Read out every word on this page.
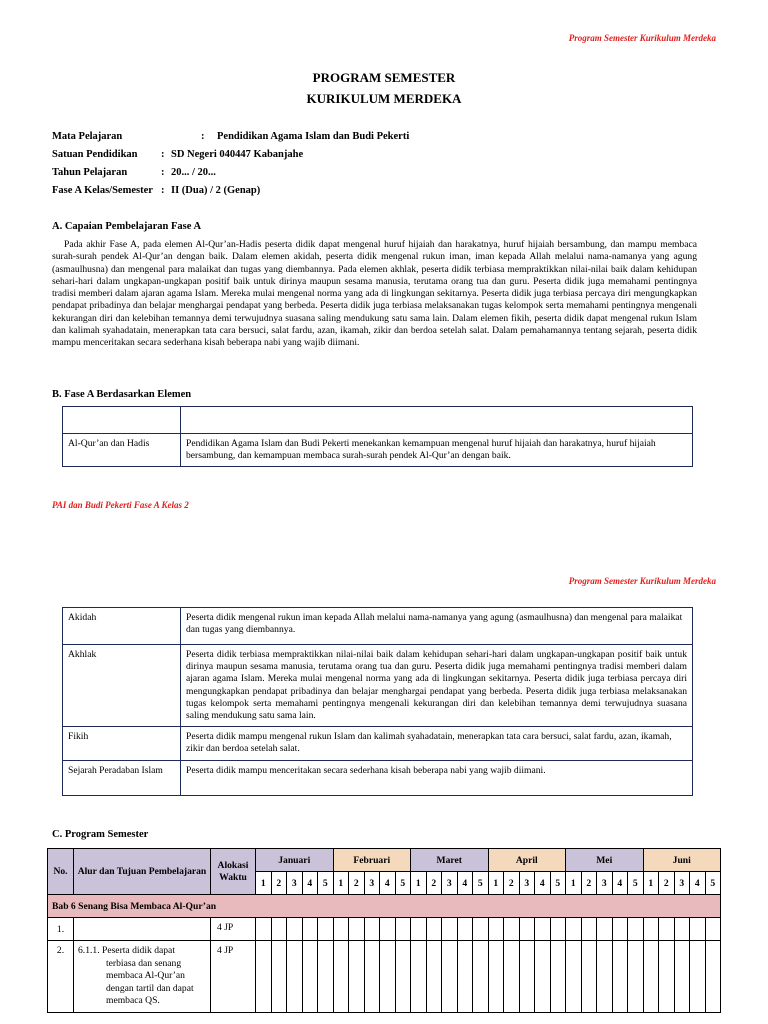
Program Semester Kurikulum Merdeka
PROGRAM SEMESTER
KURIKULUM MERDEKA
Mata Pelajaran	:	Pendidikan Agama Islam dan Budi Pekerti
Satuan Pendidikan	:	SD Negeri 040447 Kabanjahe
Tahun Pelajaran	:	20... / 20...
Fase A Kelas/Semester	:	II (Dua) / 2 (Genap)
A. Capaian Pembelajaran Fase A
Pada akhir Fase A, pada elemen Al-Qur’an-Hadis peserta didik dapat mengenal huruf hijaiah dan harakatnya, huruf hijaiah bersambung, dan mampu membaca surah-surah pendek Al-Qur’an dengan baik. Dalam elemen akidah, peserta didik mengenal rukun iman, iman kepada Allah melalui nama-namanya yang agung (asmaulhusna) dan mengenal para malaikat dan tugas yang diembannya. Pada elemen akhlak, peserta didik terbiasa mempraktikkan nilai-nilai baik dalam kehidupan sehari-hari dalam ungkapan-ungkapan positif baik untuk dirinya maupun sesama manusia, terutama orang tua dan guru. Peserta didik juga memahami pentingnya tradisi memberi dalam ajaran agama Islam. Mereka mulai mengenal norma yang ada di lingkungan sekitarnya. Peserta didik juga terbiasa percaya diri mengungkapkan pendapat pribadinya dan belajar menghargai pendapat yang berbeda. Peserta didik juga terbiasa melaksanakan tugas kelompok serta memahami pentingnya mengenali kekurangan diri dan kelebihan temannya demi terwujudnya suasana saling mendukung satu sama lain. Dalam elemen fikih, peserta didik dapat mengenal rukun Islam dan kalimah syahadatain, menerapkan tata cara bersuci, salat fardu, azan, ikamah, zikir dan berdoa setelah salat. Dalam pemahamannya tentang sejarah, peserta didik mampu menceritakan secara sederhana kisah beberapa nabi yang wajib diimani.
B. Fase A Berdasarkan Elemen

Al-Qur’an dan Hadis	Pendidikan Agama Islam dan Budi Pekerti menekankan kemampuan mengenal huruf hijaiah dan harakatnya, huruf hijaiah bersambung, dan kemampuan membaca surah-surah pendek Al-Qur’an dengan baik.
PAI dan Budi Pekerti Fase A Kelas 2
Program Semester Kurikulum Merdeka
Akidah	Peserta didik mengenal rukun iman kepada Allah melalui nama-namanya yang agung (asmaulhusna) dan mengenal para malaikat dan tugas yang diembannya.
Akhlak	Peserta didik terbiasa mempraktikkan nilai-nilai baik dalam kehidupan sehari-hari dalam ungkapan-ungkapan positif baik untuk dirinya maupun sesama manusia, terutama orang tua dan guru. Peserta didik juga memahami pentingnya tradisi memberi dalam ajaran agama Islam. Mereka mulai mengenal norma yang ada di lingkungan sekitarnya. Peserta didik juga terbiasa percaya diri mengungkapkan pendapat pribadinya dan belajar menghargai pendapat yang berbeda. Peserta didik juga terbiasa melaksanakan tugas kelompok serta memahami pentingnya mengenali kekurangan diri dan kelebihan temannya demi terwujudnya suasana saling mendukung satu sama lain.
Fikih	Peserta didik mampu mengenal rukun Islam dan kalimah syahadatain, menerapkan tata cara bersuci, salat fardu, azan, ikamah, zikir dan berdoa setelah salat.
Sejarah Peradaban Islam	Peserta didik mampu menceritakan secara sederhana kisah beberapa nabi yang wajib diimani.
C. Program Semester
No.	Alur dan Tujuan Pembelajaran	Alokasi Waktu	Januari					Februari					Maret					April					Mei					Juni				
			1	2	3	4	5	1	2	3	4	5	1	2	3	4	5	1	2	3	4	5	1	2	3	4	5	1	2	3	4	5
Bab 6 Senang Bisa Membaca Al-Qur’an																																
1.		4 JP																														
2.	6.1.1. Peserta didik dapat terbiasa dan senang membaca Al-Qur’an dengan tartil dan dapat membaca QS.	4 JP																														
